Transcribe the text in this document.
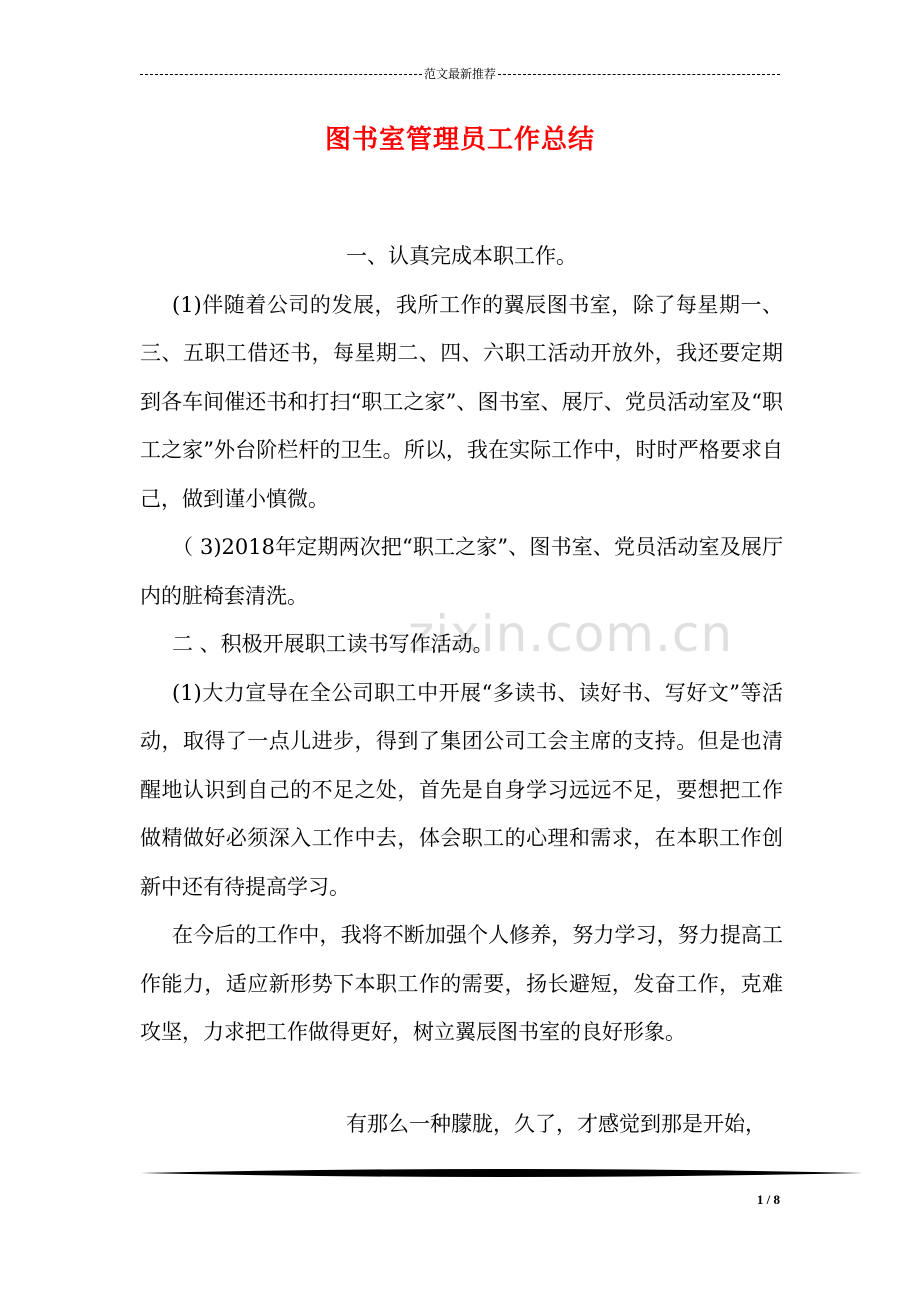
范文最新推荐
图书室管理员工作总结
zixin.com.cn

一、认真完成本职工作。

(1)伴随着公司的发展，我所工作的翼辰图书室，除了每星期一、三、五职工借还书，每星期二、四、六职工活动开放外，我还要定期到各车间催还书和打扫“职工之家”、图书室、展厅、党员活动室及“职工之家”外台阶栏杆的卫生。所以，我在实际工作中，时时严格要求自己，做到谨小慎微。

（ 3)2018年定期两次把“职工之家”、图书室、党员活动室及展厅内的脏椅套清洗。

二 、积极开展职工读书写作活动。

(1)大力宣导在全公司职工中开展“多读书、读好书、写好文”等活动，取得了一点儿进步，得到了集团公司工会主席的支持。但是也清醒地认识到自己的不足之处，首先是自身学习远远不足，要想把工作做精做好必须深入工作中去，体会职工的心理和需求，在本职工作创新中还有待提高学习。

在今后的工作中，我将不断加强个人修养，努力学习，努力提高工作能力，适应新形势下本职工作的需要，扬长避短，发奋工作，克难攻坚，力求把工作做得更好，树立翼辰图书室的良好形象。

有那么一种朦胧，久了，才感觉到那是开始，
1 / 8
